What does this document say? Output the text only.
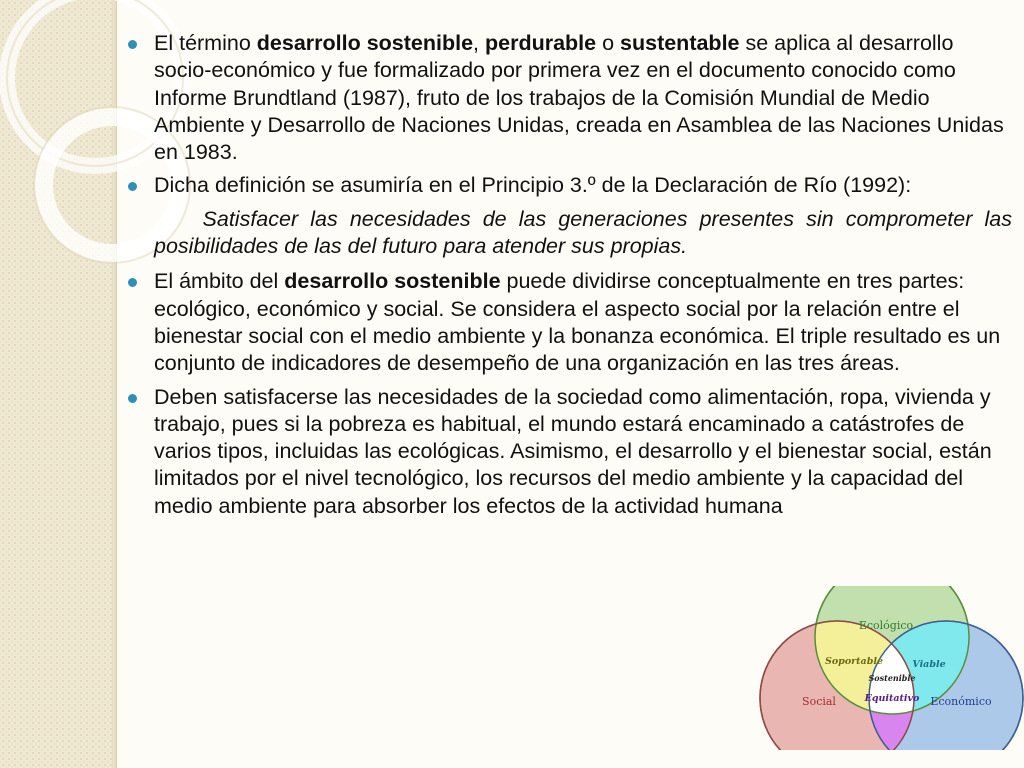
El término desarrollo sostenible, perdurable o sustentable se aplica al desarrollo socio-económico y fue formalizado por primera vez en el documento conocido como Informe Brundtland (1987), fruto de los trabajos de la Comisión Mundial de Medio Ambiente y Desarrollo de Naciones Unidas, creada en Asamblea de las Naciones Unidas en 1983.
Dicha definición se asumiría en el Principio 3.º de la Declaración de Río (1992):
Satisfacer las necesidades de las generaciones presentes sin comprometer las posibilidades de las del futuro para atender sus propias.
El ámbito del desarrollo sostenible puede dividirse conceptualmente en tres partes: ecológico, económico y social. Se considera el aspecto social por la relación entre el bienestar social con el medio ambiente y la bonanza económica. El triple resultado es un conjunto de indicadores de desempeño de una organización en las tres áreas.
Deben satisfacerse las necesidades de la sociedad como alimentación, ropa, vivienda y trabajo, pues si la pobreza es habitual, el mundo estará encaminado a catástrofes de varios tipos, incluidas las ecológicas. Asimismo, el desarrollo y el bienestar social, están limitados por el nivel tecnológico, los recursos del medio ambiente y la capacidad del medio ambiente para absorber los efectos de la actividad humana
Ecológico
Social	Económico
Soportable	Viable
Equitativo
Sostenible
